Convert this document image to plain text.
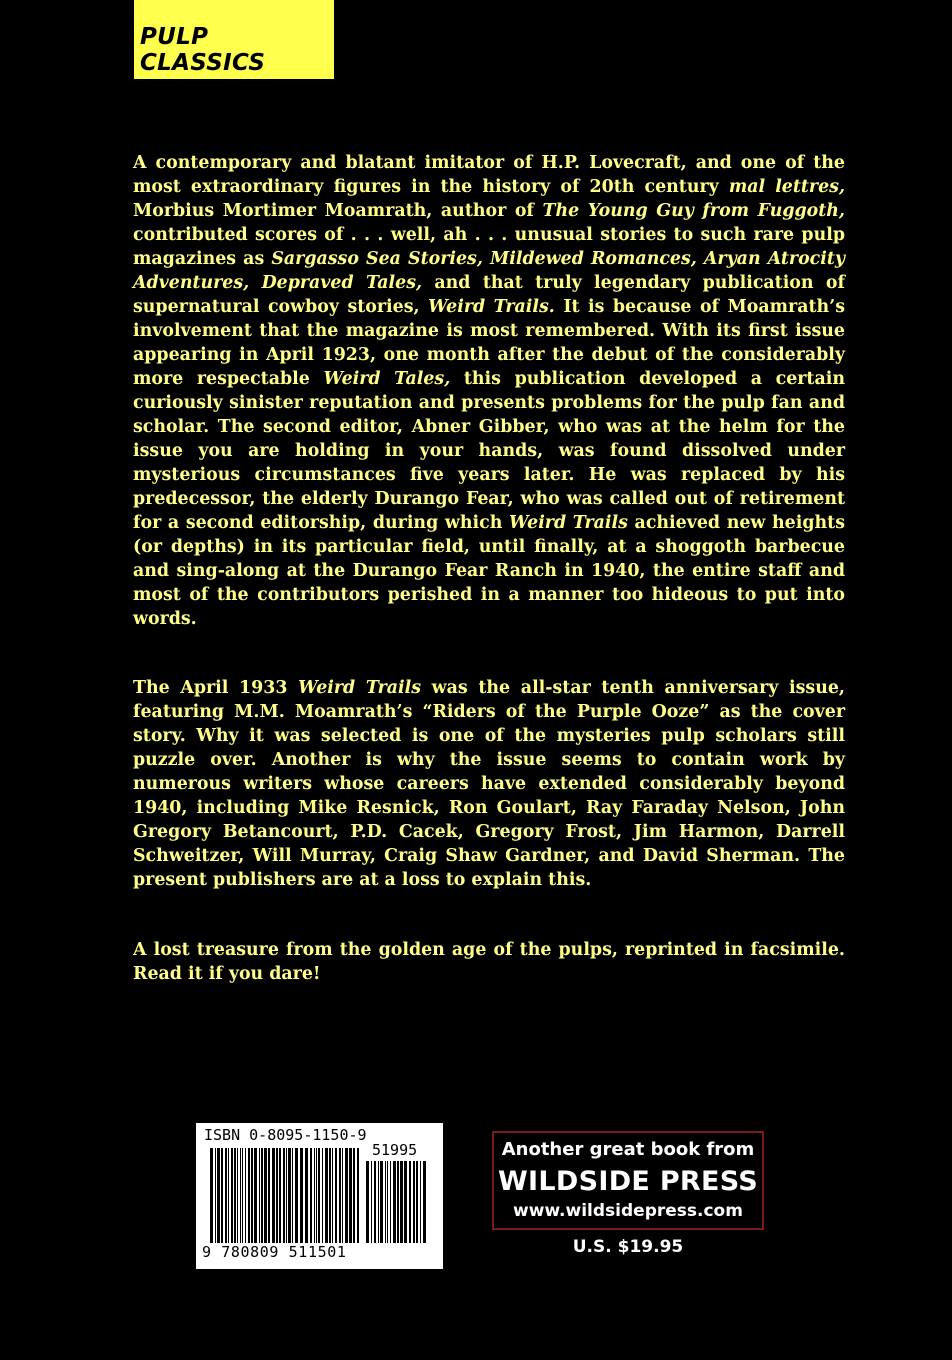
PULP CLASSICS

A contemporary and blatant imitator of H.P. Lovecraft, and one of the most extraordinary figures in the history of 20th century mal lettres, Morbius Mortimer Moamrath, author of The Young Guy from Fuggoth, contributed scores of . . . well, ah . . . unusual stories to such rare pulp magazines as Sargasso Sea Stories, Mildewed Romances, Aryan Atrocity Adventures, Depraved Tales, and that truly legendary publication of supernatural cowboy stories, Weird Trails. It is because of Moamrath’s involvement that the magazine is most remembered. With its first issue appearing in April 1923, one month after the debut of the considerably more respectable Weird Tales, this publication developed a certain curiously sinister reputation and presents problems for the pulp fan and scholar. The second editor, Abner Gibber, who was at the helm for the issue you are holding in your hands, was found dissolved under mysterious circumstances five years later. He was replaced by his predecessor, the elderly Durango Fear, who was called out of retirement for a second editorship, during which Weird Trails achieved new heights (or depths) in its particular field, until finally, at a shoggoth barbecue and sing-along at the Durango Fear Ranch in 1940, the entire staff and most of the contributors perished in a manner too hideous to put into words.

The April 1933 Weird Trails was the all-star tenth anniversary issue, featuring M.M. Moamrath’s “Riders of the Purple Ooze” as the cover story. Why it was selected is one of the mysteries pulp scholars still puzzle over. Another is why the issue seems to contain work by numerous writers whose careers have extended considerably beyond 1940, including Mike Resnick, Ron Goulart, Ray Faraday Nelson, John Gregory Betancourt, P.D. Cacek, Gregory Frost, Jim Harmon, Darrell Schweitzer, Will Murray, Craig Shaw Gardner, and David Sherman. The present publishers are at a loss to explain this.

A lost treasure from the golden age of the pulps, reprinted in facsimile. Read it if you dare!

ISBN 0-8095-1150-9
51995
9 780809 511501
Another great book from
WILDSIDE PRESS
www.wildsidepress.com
U.S. $19.95
